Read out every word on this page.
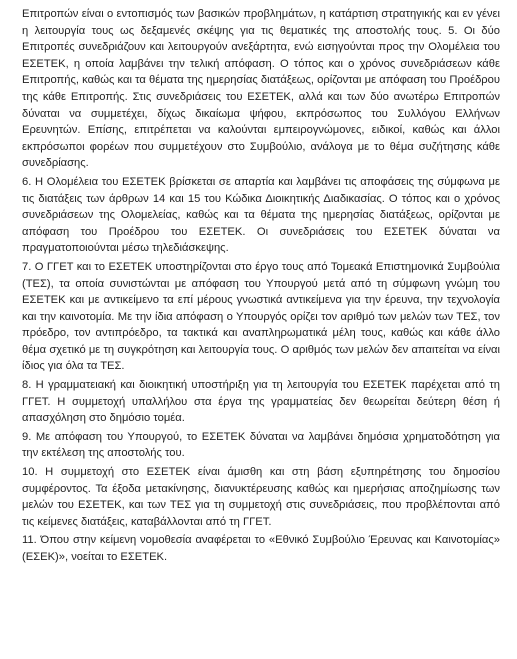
Επιτροπών είναι ο εντοπισμός των βασικών προβλημάτων, η κατάρτιση στρατηγικής και εν γένει η λειτουργία τους ως δεξαμενές σκέψης για τις θεματικές της αποστολής τους. 5. Οι δύο Επιτροπές συνεδριάζουν και λειτουργούν ανεξάρτητα, ενώ εισηγούνται προς την Ολομέλεια του ΕΣΕΤΕΚ, η οποία λαμβάνει την τελική απόφαση. Ο τόπος και ο χρόνος συνεδριάσεων κάθε Επιτροπής, καθώς και τα θέματα της ημερησίας διατάξεως, ορίζονται με απόφαση του Προέδρου της κάθε Επιτροπής. Στις συνεδριάσεις του ΕΣΕΤΕΚ, αλλά και των δύο ανωτέρω Επιτροπών δύναται να συμμετέχει, δίχως δικαίωμα ψήφου, εκπρόσωπος του Συλλόγου Ελλήνων Ερευνητών. Επίσης, επιτρέπεται να καλούνται εμπειρογνώμονες, ειδικοί, καθώς και άλλοι εκπρόσωποι φορέων που συμμετέχουν στο Συμβούλιο, ανάλογα με το θέμα συζήτησης κάθε συνεδρίασης.

6. Η Ολομέλεια του ΕΣΕΤΕΚ βρίσκεται σε απαρτία και λαμβάνει τις αποφάσεις της σύμφωνα με τις διατάξεις των άρθρων 14 και 15 του Κώδικα Διοικητικής Διαδικασίας. Ο τόπος και ο χρόνος συνεδριάσεων της Ολομελείας, καθώς και τα θέματα της ημερησίας διατάξεως, ορίζονται με απόφαση του Προέδρου του ΕΣΕΤΕΚ. Οι συνεδριάσεις του ΕΣΕΤΕΚ δύναται να πραγματοποιούνται μέσω τηλεδιάσκεψης.

7. Ο ΓΓΕΤ και το ΕΣΕΤΕΚ υποστηρίζονται στο έργο τους από Τομεακά Επιστημονικά Συμβούλια (ΤΕΣ), τα οποία συνιστώνται με απόφαση του Υπουργού μετά από τη σύμφωνη γνώμη του ΕΣΕΤΕΚ και με αντικείμενο τα επί μέρους γνωστικά αντικείμενα για την έρευνα, την τεχνολογία και την καινοτομία. Με την ίδια απόφαση ο Υπουργός ορίζει τον αριθμό των μελών των ΤΕΣ, τον πρόεδρο, τον αντιπρόεδρο, τα τακτικά και αναπληρωματικά μέλη τους, καθώς και κάθε άλλο θέμα σχετικό με τη συγκρότηση και λειτουργία τους. Ο αριθμός των μελών δεν απαιτείται να είναι ίδιος για όλα τα ΤΕΣ.

8. Η γραμματειακή και διοικητική υποστήριξη για τη λειτουργία του ΕΣΕΤΕΚ παρέχεται από τη ΓΓΕΤ. Η συμμετοχή υπαλλήλου στα έργα της γραμματείας δεν θεωρείται δεύτερη θέση ή απασχόληση στο δημόσιο τομέα.

9. Με απόφαση του Υπουργού, το ΕΣΕΤΕΚ δύναται να λαμβάνει δημόσια χρηματοδότηση για την εκτέλεση της αποστολής του.

10. Η συμμετοχή στο ΕΣΕΤΕΚ είναι άμισθη και στη βάση εξυπηρέτησης του δημοσίου συμφέροντος. Τα έξοδα μετακίνησης, διανυκτέρευσης καθώς και ημερήσιας αποζημίωσης των μελών του ΕΣΕΤΕΚ, και των ΤΕΣ για τη συμμετοχή στις συνεδριάσεις, που προβλέπονται από τις κείμενες διατάξεις, καταβάλλονται από τη ΓΓΕΤ.

11. Όπου στην κείμενη νομοθεσία αναφέρεται το «Εθνικό Συμβούλιο Έρευνας και Καινοτομίας» (ΕΣΕΚ)», νοείται το ΕΣΕΤΕΚ.
